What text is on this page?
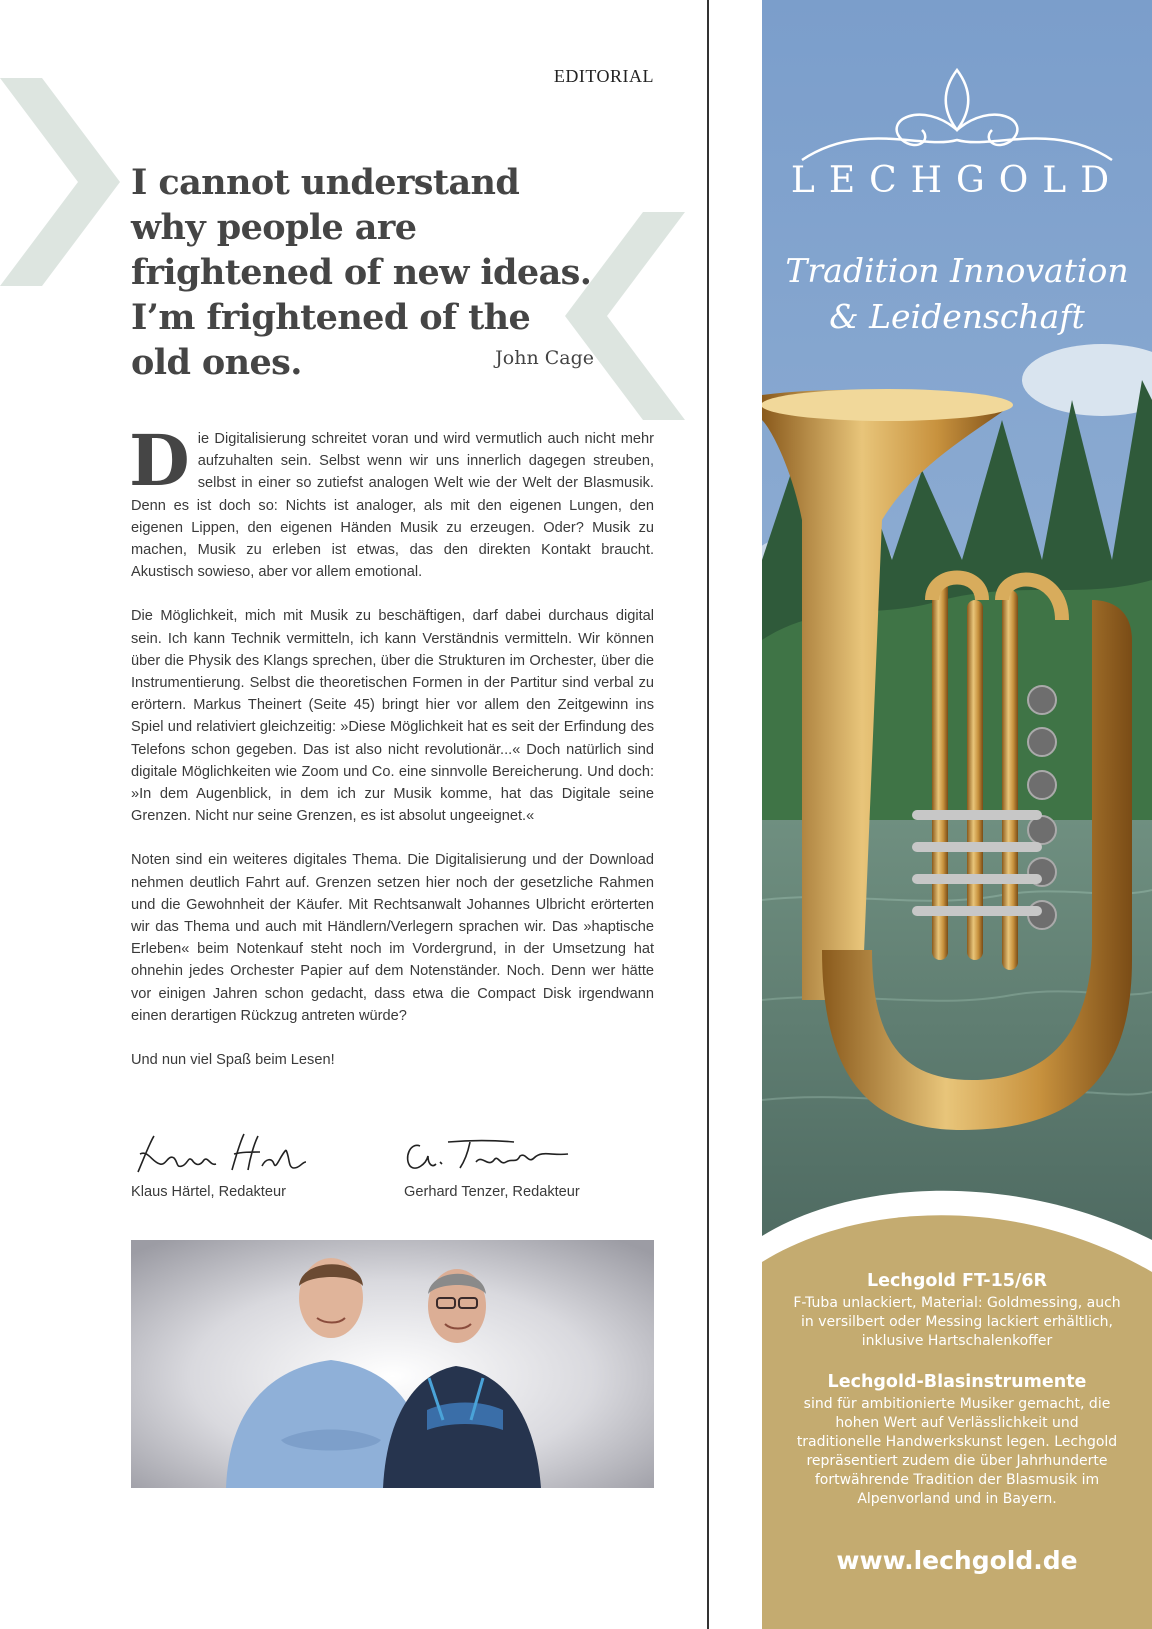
EDITORIAL
I cannot understand why people are frightened of new ideas. I’m frightened of the old ones.	John Cage

Die Digitalisierung schreitet voran und wird vermutlich auch nicht mehr aufzuhalten sein. Selbst wenn wir uns innerlich dagegen streuben, selbst in einer so zutiefst analogen Welt wie der Welt der Blasmusik. Denn es ist doch so: Nichts ist analoger, als mit den eigenen Lungen, den eigenen Lippen, den eigenen Händen Musik zu erzeugen. Oder? Musik zu machen, Musik zu erleben ist etwas, das den direkten Kontakt braucht. Akustisch sowieso, aber vor allem emotional.

Die Möglichkeit, mich mit Musik zu beschäftigen, darf dabei durchaus digital sein. Ich kann Technik vermitteln, ich kann Verständnis vermitteln. Wir können über die Physik des Klangs sprechen, über die Strukturen im Orchester, über die Instrumentierung. Selbst die theoretischen Formen in der Partitur sind verbal zu erörtern. Markus Theinert (Seite 45) bringt hier vor allem den Zeitgewinn ins Spiel und relativiert gleichzeitig: »Diese Möglichkeit hat es seit der Erfindung des Telefons schon gegeben. Das ist also nicht revolutionär...« Doch natürlich sind digitale Möglichkeiten wie Zoom und Co. eine sinnvolle Bereicherung. Und doch: »In dem Augenblick, in dem ich zur Musik komme, hat das Digitale seine Grenzen. Nicht nur seine Grenzen, es ist absolut ungeeignet.«

Noten sind ein weiteres digitales Thema. Die Digitalisierung und der Download nehmen deutlich Fahrt auf. Grenzen setzen hier noch der gesetzliche Rahmen und die Gewohnheit der Käufer. Mit Rechtsanwalt Johannes Ulbricht erörterten wir das Thema und auch mit Händlern/Verlegern sprachen wir. Das »haptische Erleben« beim Notenkauf steht noch im Vordergrund, in der Umsetzung hat ohnehin jedes Orchester Papier auf dem Notenständer. Noch. Denn wer hätte vor einigen Jahren schon gedacht, dass etwa die Compact Disk irgendwann einen derartigen Rückzug antreten würde?

Und nun viel Spaß beim Lesen!

Klaus Härtel, Redakteur	Gerhard Tenzer, Redakteur
LECHGOLD
Tradition Innovation
& Leidenschaft
Lechgold FT-15/6R
F-Tuba unlackiert, Material: Goldmessing, auch in versilbert oder Messing lackiert erhältlich, inklusive Hartschalenkoffer
Lechgold-Blasinstrumente
sind für ambitionierte Musiker gemacht, die hohen Wert auf Verlässlichkeit und traditionelle Handwerkskunst legen. Lechgold repräsentiert zudem die über Jahrhunderte fortwährende Tradition der Blasmusik im Alpenvorland und in Bayern.
www.lechgold.de
